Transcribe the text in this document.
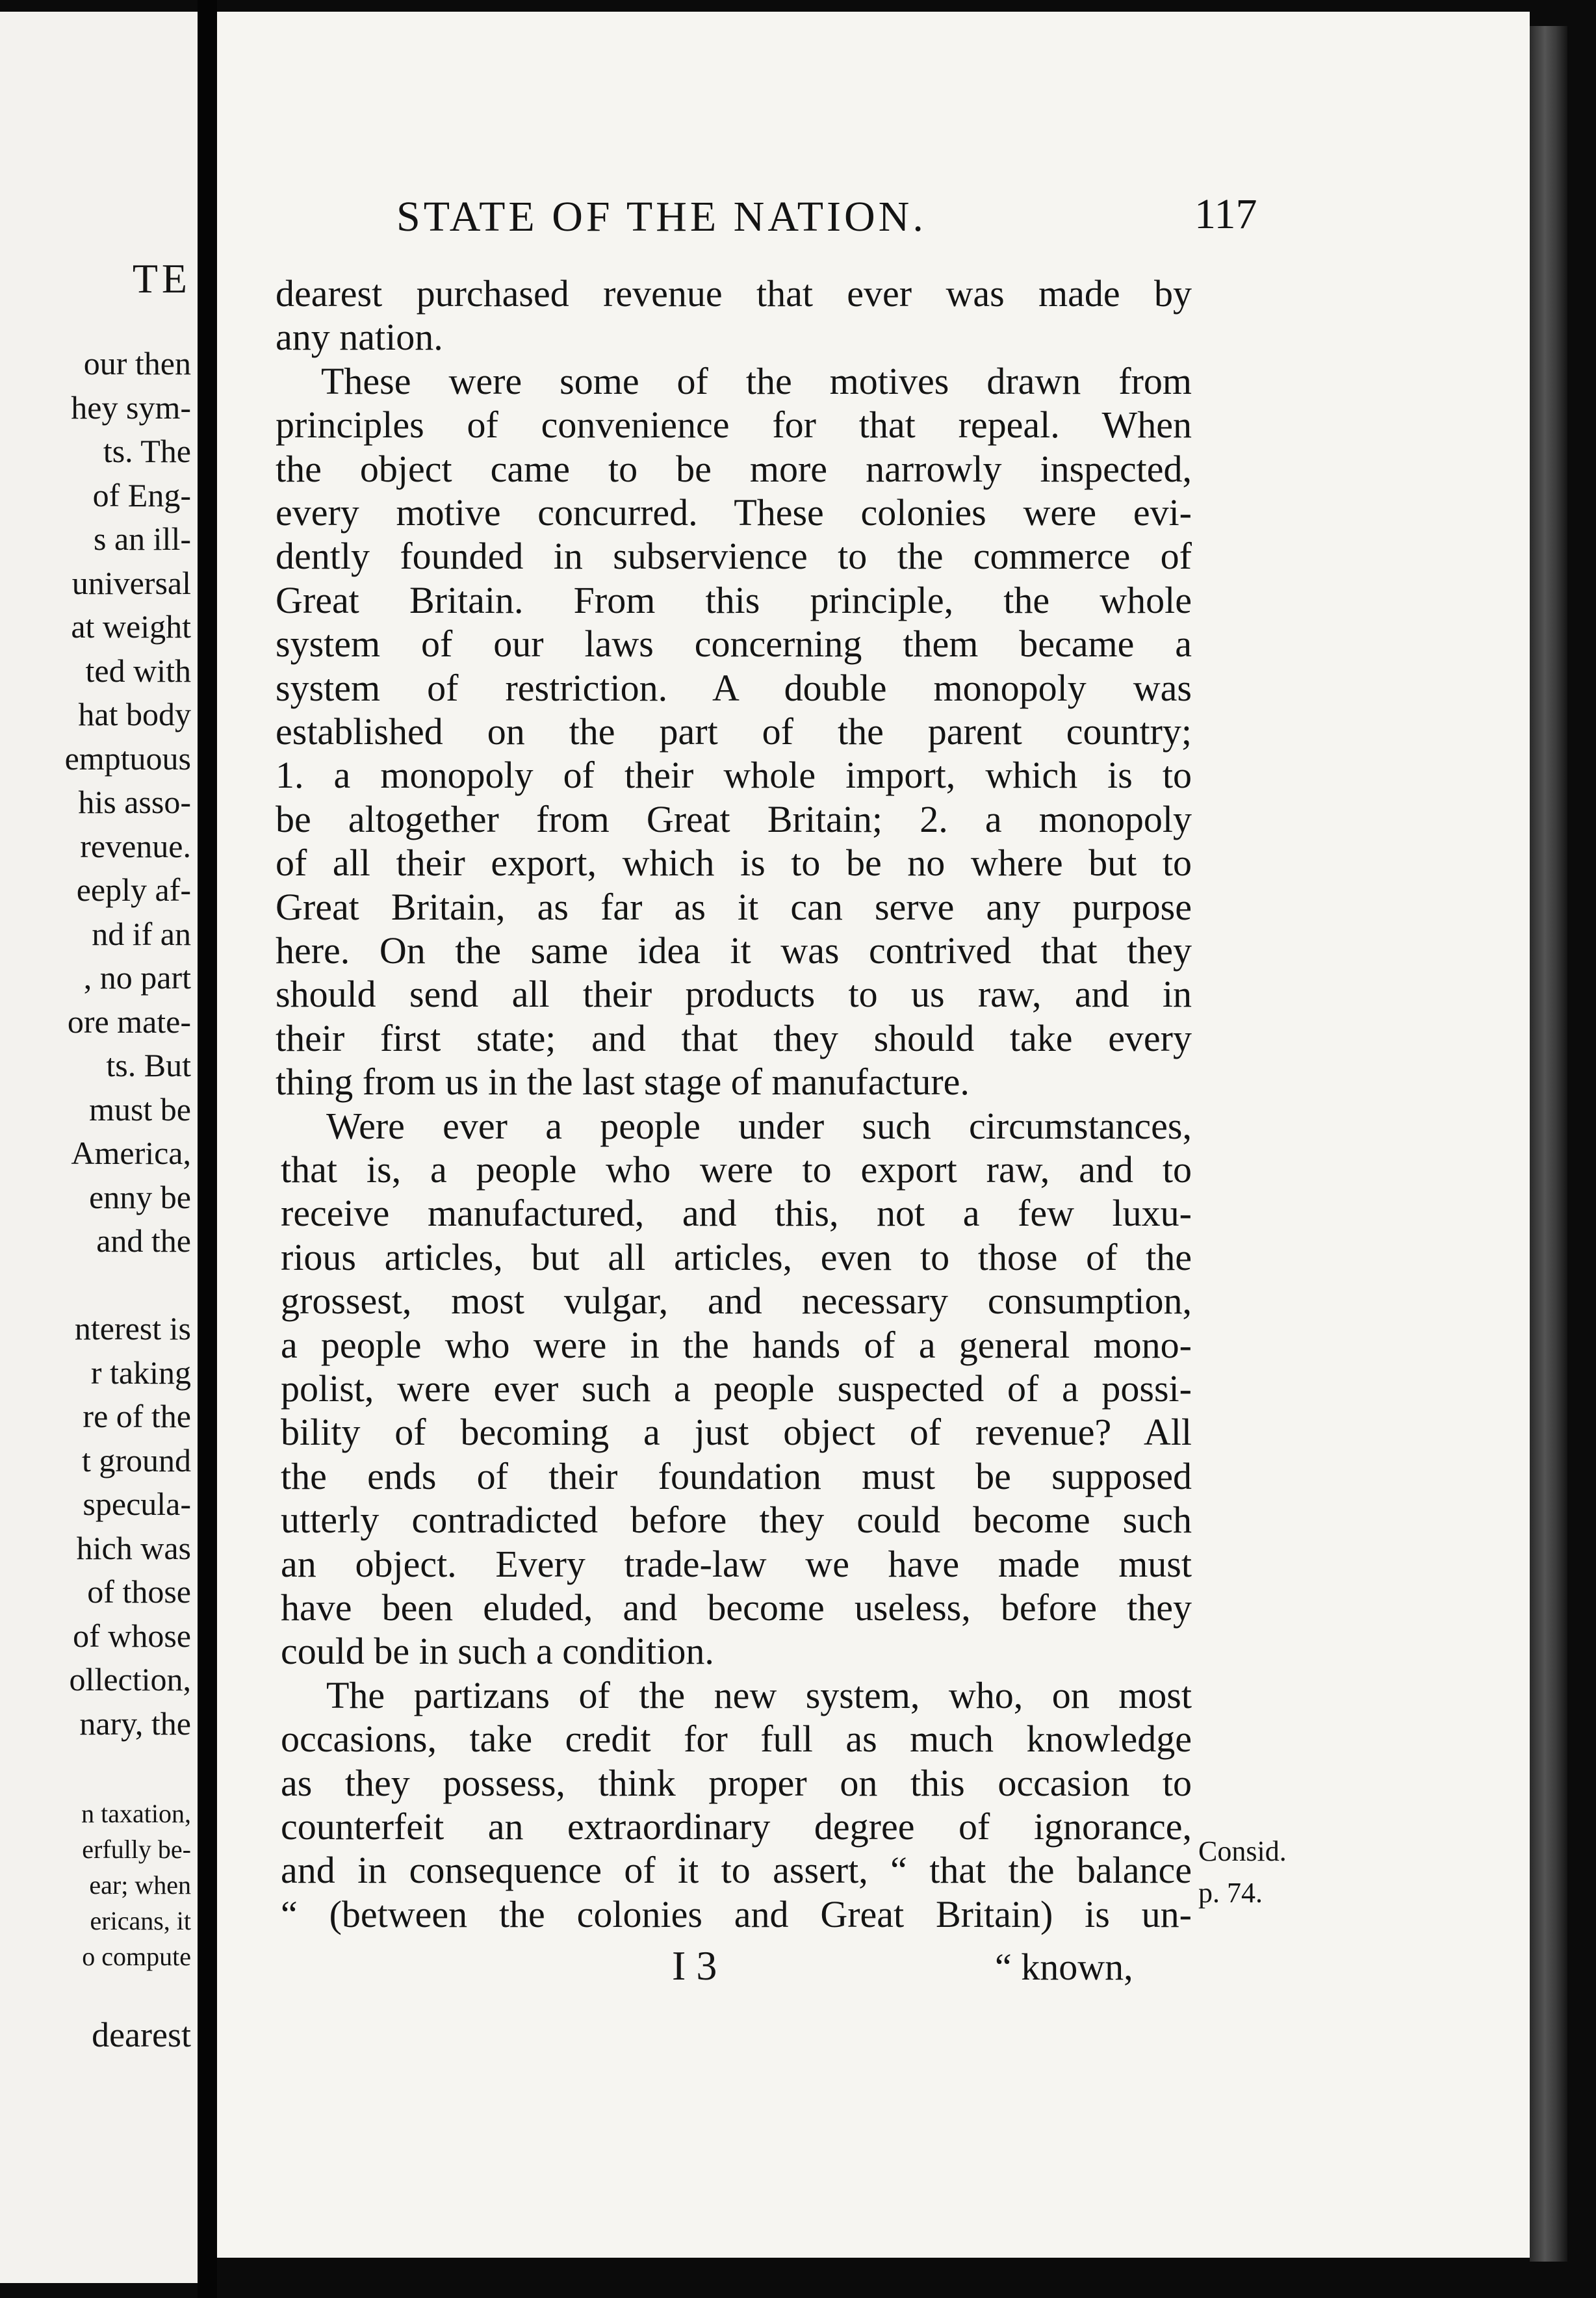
TE
our then
hey sym-
ts. The
of Eng-
s an ill-
universal
at weight
ted with
hat body
emptuous
his asso-
revenue.
eeply af-
nd if an
, no part
ore mate-
ts. But
must be
America,
enny be
and the
nterest is
r taking
re of the
t ground
specula-
hich was
of those
of whose
ollection,
nary, the
n taxation,
erfully be-
ear; when
ericans, it
o compute
dearest
STATE OF THE NATION.	117
dearest purchased revenue that ever was made by
any nation.
These were some of the motives drawn from
principles of convenience for that repeal. When
the object came to be more narrowly inspected,
every motive concurred. These colonies were evi-
dently founded in subservience to the commerce of
Great Britain. From this principle, the whole
system of our laws concerning them became a
system of restriction. A double monopoly was
established on the part of the parent country;
1. a monopoly of their whole import, which is to
be altogether from Great Britain; 2. a monopoly
of all their export, which is to be no where but to
Great Britain, as far as it can serve any purpose
here. On the same idea it was contrived that they
should send all their products to us raw, and in
their first state; and that they should take every
thing from us in the last stage of manufacture.
Were ever a people under such circumstances,
that is, a people who were to export raw, and to
receive manufactured, and this, not a few luxu-
rious articles, but all articles, even to those of the
grossest, most vulgar, and necessary consumption,
a people who were in the hands of a general mono-
polist, were ever such a people suspected of a possi-
bility of becoming a just object of revenue? All
the ends of their foundation must be supposed
utterly contradicted before they could become such
an object. Every trade-law we have made must
have been eluded, and become useless, before they
could be in such a condition.
The partizans of the new system, who, on most
occasions, take credit for full as much knowledge
as they possess, think proper on this occasion to
counterfeit an extraordinary degree of ignorance,
and in consequence of it to assert, “ that the balance
“ (between the colonies and Great Britain) is un-
Consid.
p. 74.
I 3	“ known,
